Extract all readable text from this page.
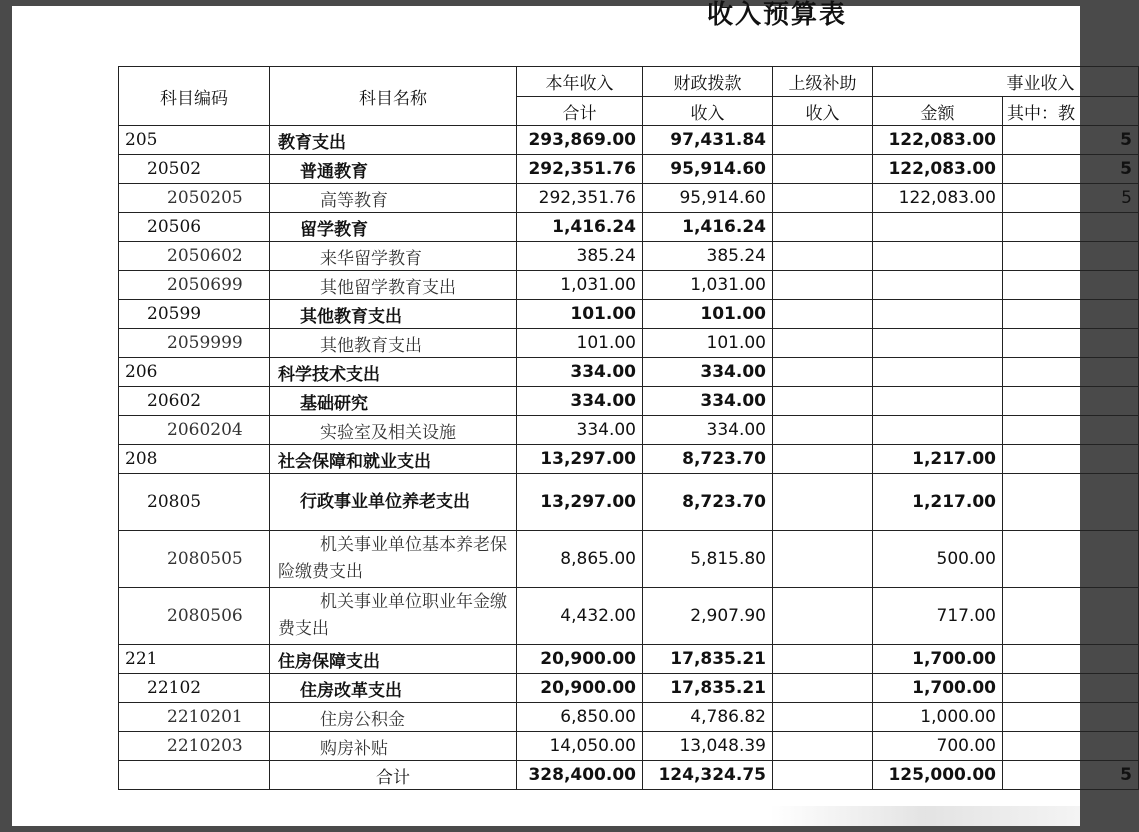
收入预算表
科目编码	科目名称	本年收入	财政拨款	上级补助	事业收入	
		合计	收入	收入	金额	其中：教
205	教育支出	293,869.00	97,431.84		122,083.00	5
20502	普通教育	292,351.76	95,914.60		122,083.00	5
2050205	高等教育	292,351.76	95,914.60		122,083.00	5
20506	留学教育	1,416.24	1,416.24			
2050602	来华留学教育	385.24	385.24			
2050699	其他留学教育支出	1,031.00	1,031.00			
20599	其他教育支出	101.00	101.00			
2059999	其他教育支出	101.00	101.00			
206	科学技术支出	334.00	334.00			
20602	基础研究	334.00	334.00			
2060204	实验室及相关设施	334.00	334.00			
208	社会保障和就业支出	13,297.00	8,723.70		1,217.00	
20805	行政事业单位养老支出	13,297.00	8,723.70		1,217.00	
2080505	机关事业单位基本养老保险缴费支出	8,865.00	5,815.80		500.00	
2080506	机关事业单位职业年金缴费支出	4,432.00	2,907.90		717.00	
221	住房保障支出	20,900.00	17,835.21		1,700.00	
22102	住房改革支出	20,900.00	17,835.21		1,700.00	
2210201	住房公积金	6,850.00	4,786.82		1,000.00	
2210203	购房补贴	14,050.00	13,048.39		700.00	
	合计	328,400.00	124,324.75		125,000.00	5
